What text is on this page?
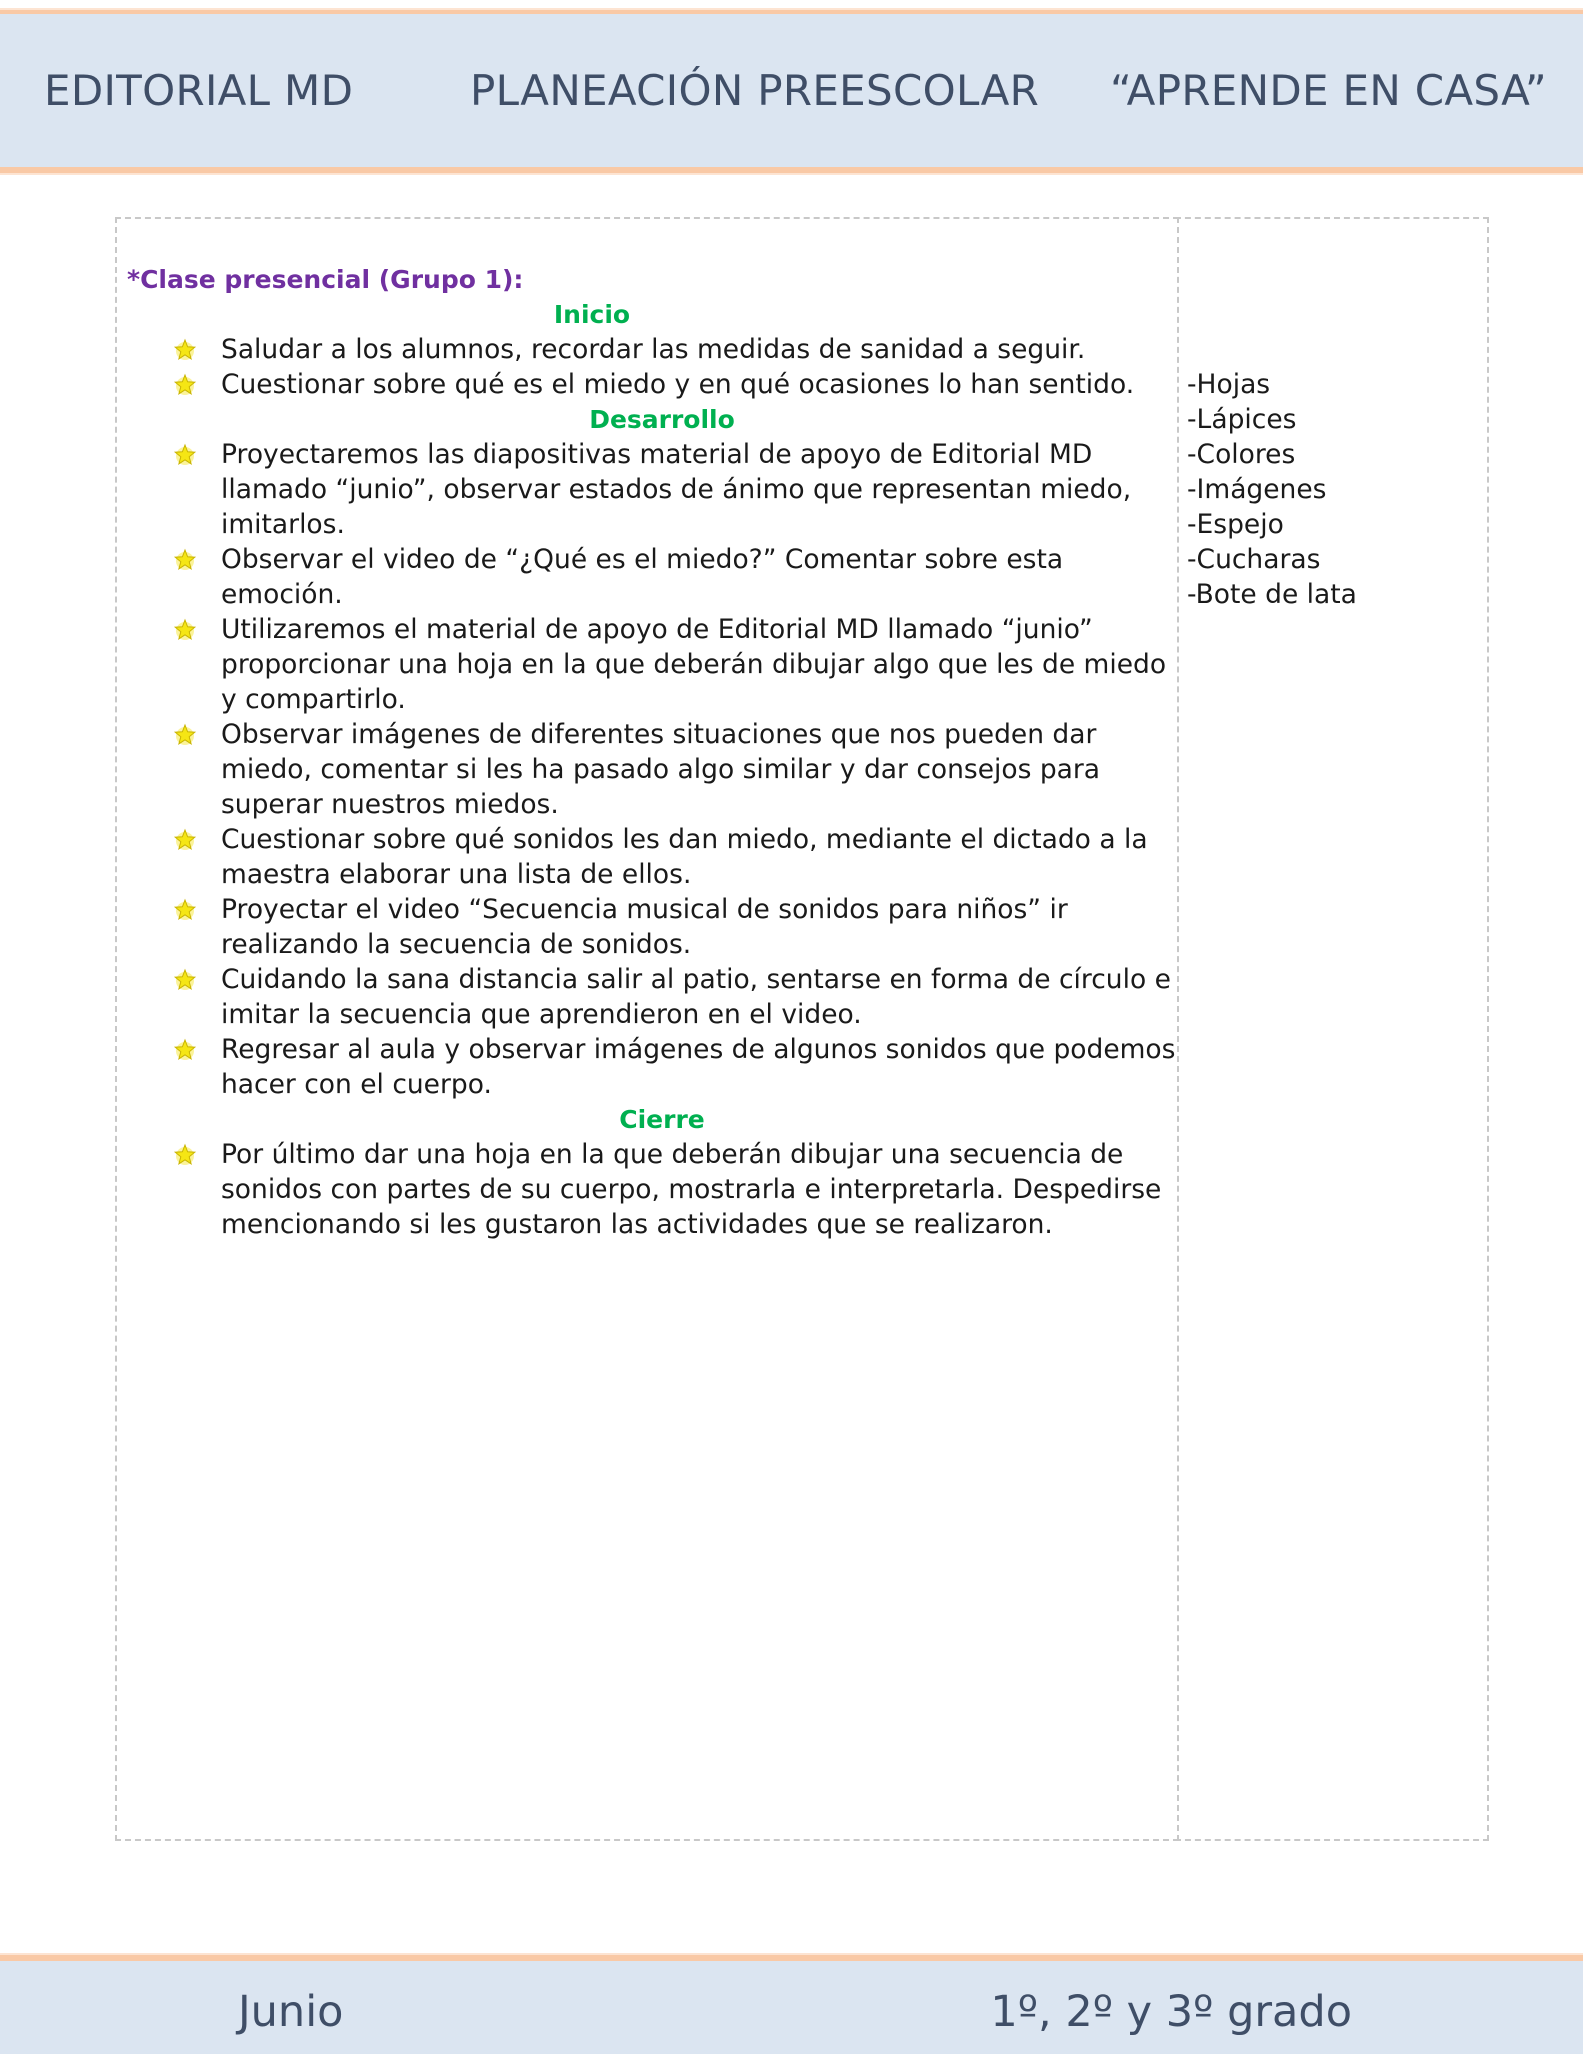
EDITORIAL MD	PLANEACIÓN PREESCOLAR “APRENDE EN CASA”
*Clase presencial (Grupo 1):
Inicio
Saludar a los alumnos, recordar las medidas de sanidad a seguir.
Cuestionar sobre qué es el miedo y en qué ocasiones lo han sentido.
Desarrollo
Proyectaremos las diapositivas material de apoyo de Editorial MD llamado “junio”, observar estados de ánimo que representan miedo, imitarlos.
Observar el video de “¿Qué es el miedo?” Comentar sobre esta emoción.
Utilizaremos el material de apoyo de Editorial MD llamado “junio” proporcionar una hoja en la que deberán dibujar algo que les de miedo y compartirlo.
Observar imágenes de diferentes situaciones que nos pueden dar miedo, comentar si les ha pasado algo similar y dar consejos para superar nuestros miedos.
Cuestionar sobre qué sonidos les dan miedo, mediante el dictado a la maestra elaborar una lista de ellos.
Proyectar el video “Secuencia musical de sonidos para niños” ir realizando la secuencia de sonidos.
Cuidando la sana distancia salir al patio, sentarse en forma de círculo e imitar la secuencia que aprendieron en el video.
Regresar al aula y observar imágenes de algunos sonidos que podemos hacer con el cuerpo.
Cierre
Por último dar una hoja en la que deberán dibujar una secuencia de sonidos con partes de su cuerpo, mostrarla e interpretarla. Despedirse mencionando si les gustaron las actividades que se realizaron.
-Hojas
-Lápices
-Colores
-Imágenes
-Espejo
-Cucharas
-Bote de lata
Junio	1º, 2º y 3º grado
